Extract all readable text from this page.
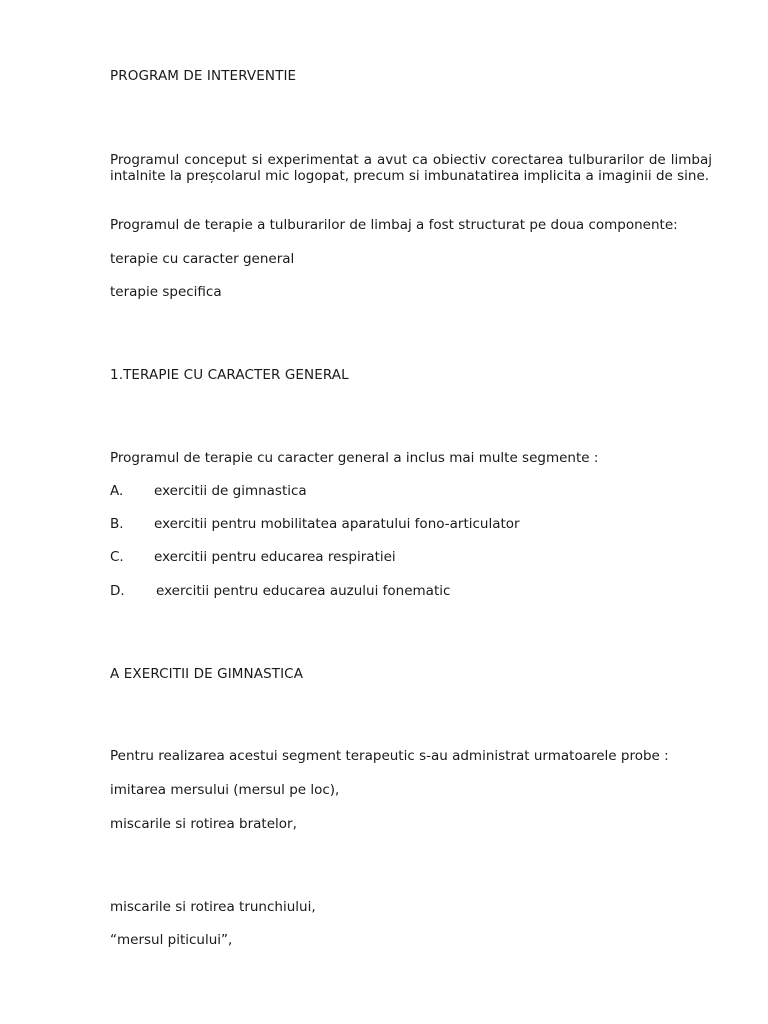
PROGRAM DE INTERVENTIE

Programul conceput si experimentat a avut ca obiectiv corectarea tulburarilor de limbaj intalnite la preșcolarul mic logopat, precum si imbunatatirea implicita a imaginii de sine.

Programul de terapie a tulburarilor de limbaj a fost structurat pe doua componente:

terapie cu caracter general

terapie specifica

1.TERAPIE CU CARACTER GENERAL

Programul de terapie cu caracter general a inclus mai multe segmente :

A. exercitii de gimnastica

B. exercitii pentru mobilitatea aparatului fono-articulator

C. exercitii pentru educarea respiratiei

D. exercitii pentru educarea auzului fonematic

A EXERCITII DE GIMNASTICA

Pentru realizarea acestui segment terapeutic s-au administrat urmatoarele probe :

imitarea mersului (mersul pe loc),

miscarile si rotirea bratelor,

miscarile si rotirea trunchiului,

“mersul piticului”,
